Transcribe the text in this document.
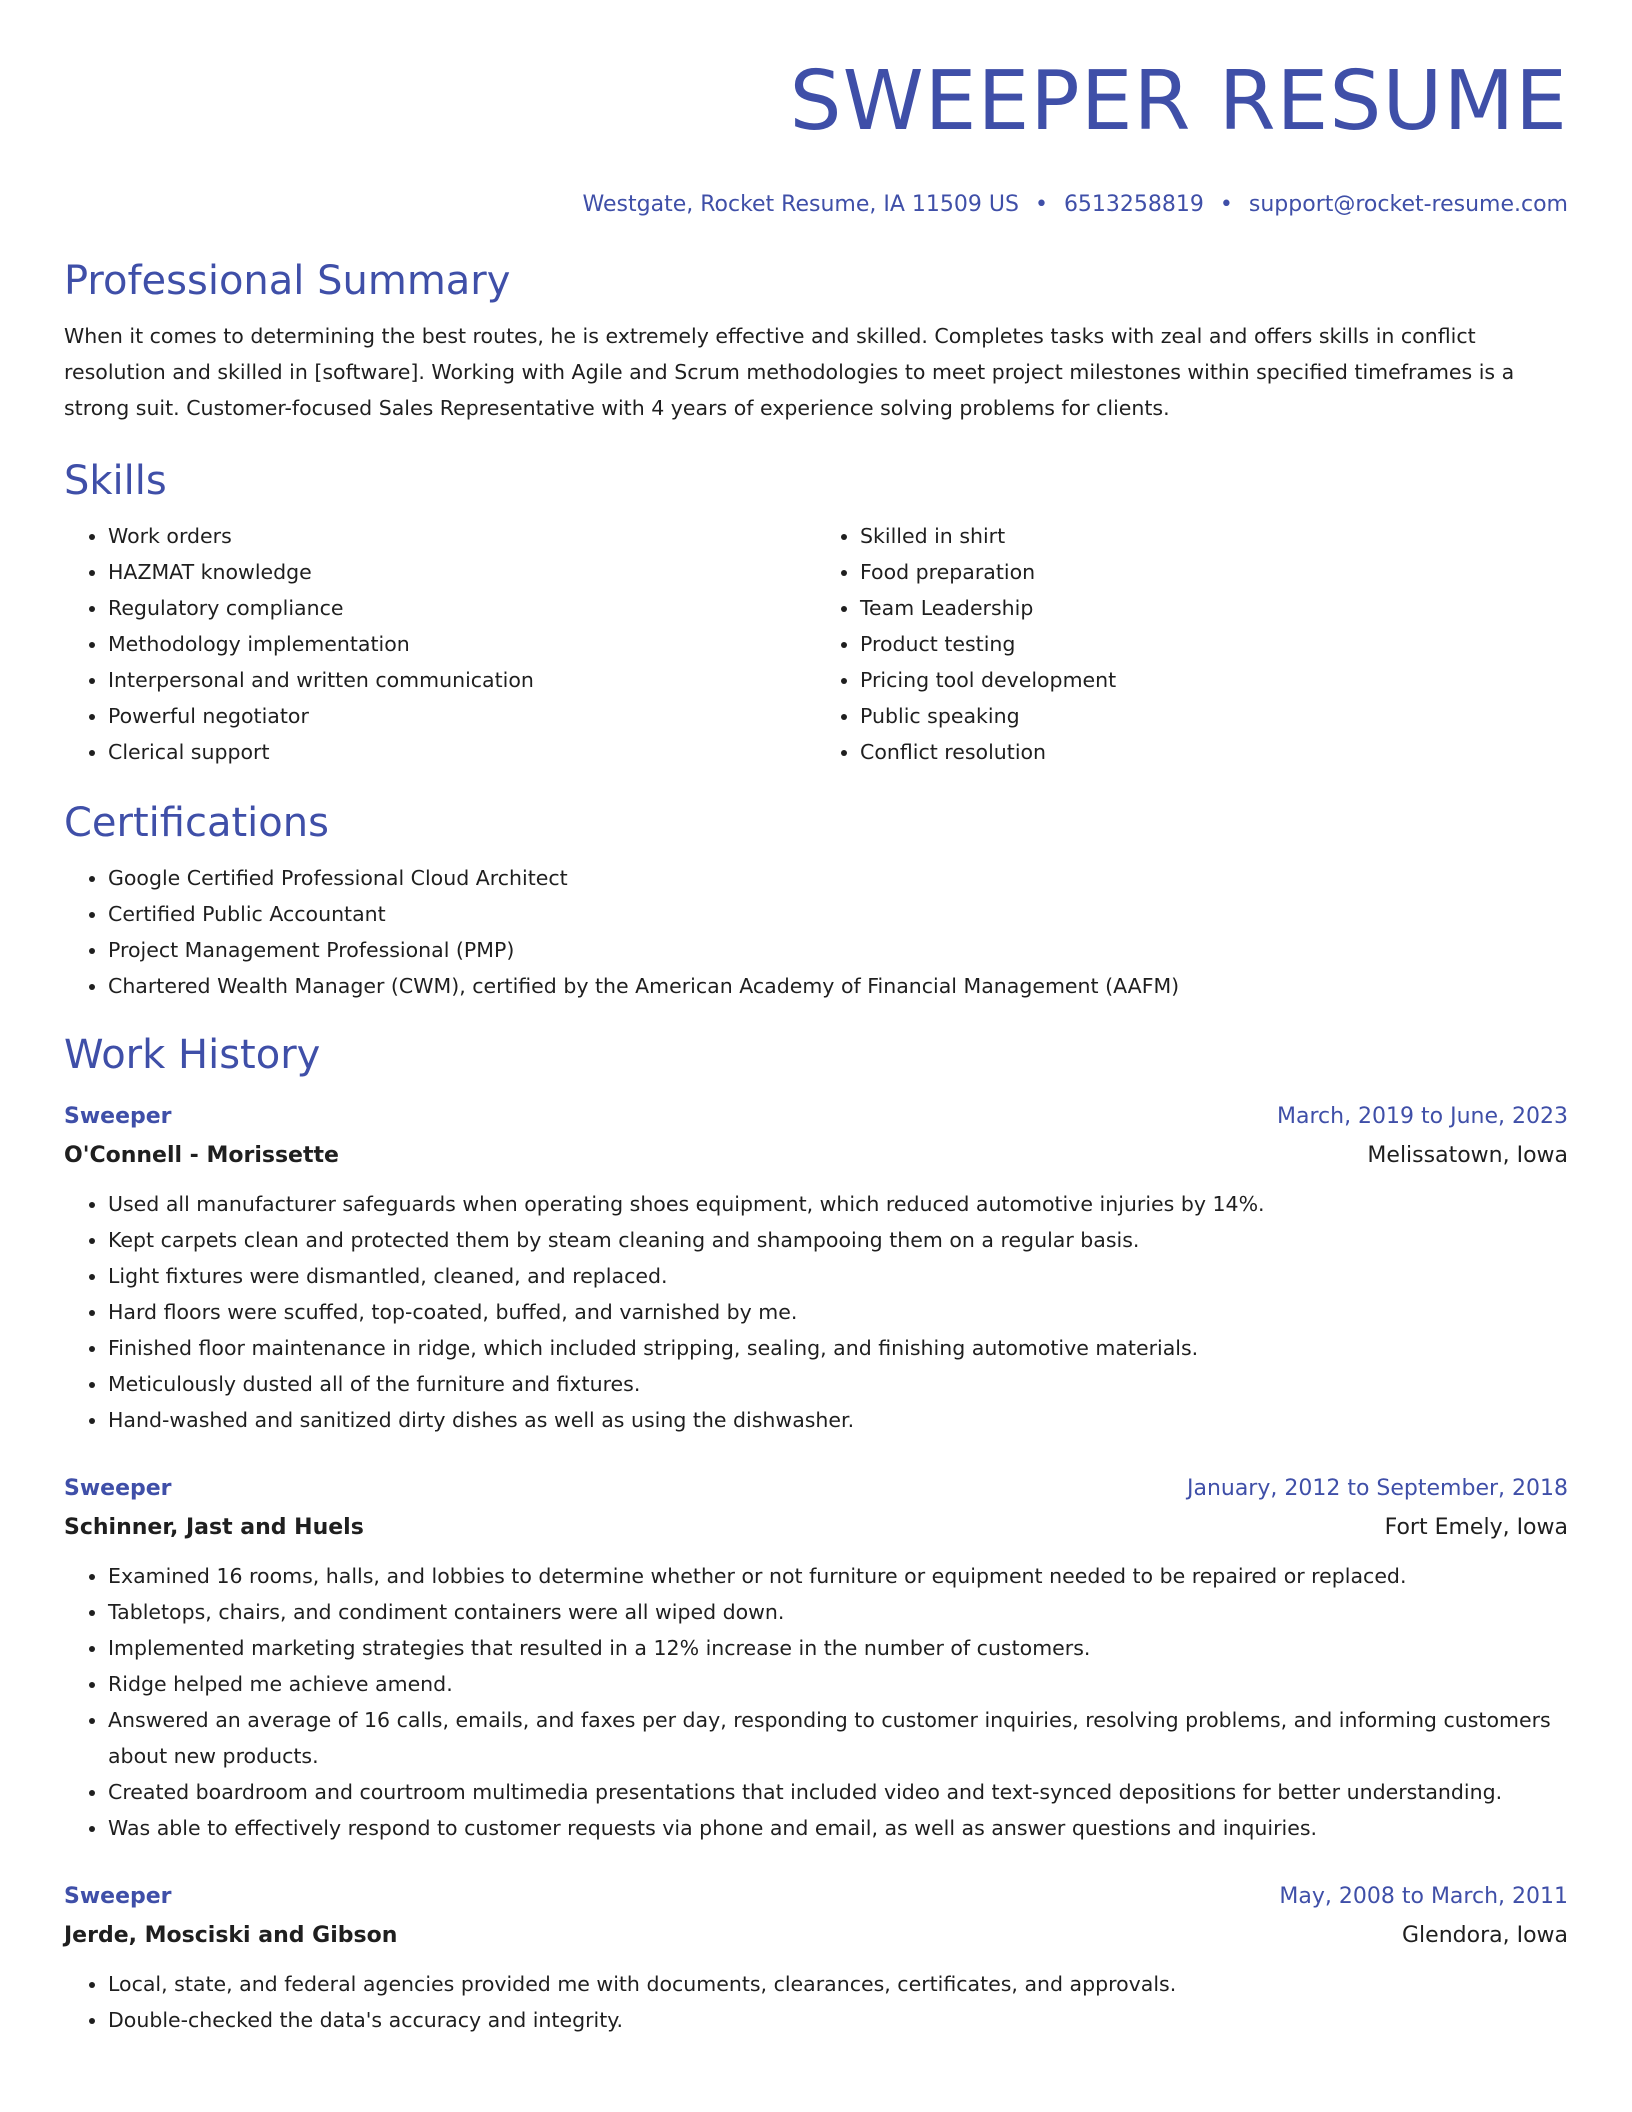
SWEEPER RESUME
Westgate, Rocket Resume, IA 11509 US • 6513258819 • support@rocket-resume.com
Professional Summary

When it comes to determining the best routes, he is extremely effective and skilled. Completes tasks with zeal and offers skills in conflict resolution and skilled in [software]. Working with Agile and Scrum methodologies to meet project milestones within specified timeframes is a strong suit. Customer-focused Sales Representative with 4 years of experience solving problems for clients.

Skills
• Work orders
• HAZMAT knowledge
• Regulatory compliance
• Methodology implementation
• Interpersonal and written communication
• Powerful negotiator
• Clerical support
• Skilled in shirt
• Food preparation
• Team Leadership
• Product testing
• Pricing tool development
• Public speaking
• Conflict resolution
Certifications
• Google Certified Professional Cloud Architect
• Certified Public Accountant
• Project Management Professional (PMP)
• Chartered Wealth Manager (CWM), certified by the American Academy of Financial Management (AAFM)
Work History
Sweeper	March, 2019 to June, 2023
O'Connell - Morissette	Melissatown, Iowa
• Used all manufacturer safeguards when operating shoes equipment, which reduced automotive injuries by 14%.
• Kept carpets clean and protected them by steam cleaning and shampooing them on a regular basis.
• Light fixtures were dismantled, cleaned, and replaced.
• Hard floors were scuffed, top-coated, buffed, and varnished by me.
• Finished floor maintenance in ridge, which included stripping, sealing, and finishing automotive materials.
• Meticulously dusted all of the furniture and fixtures.
• Hand-washed and sanitized dirty dishes as well as using the dishwasher.
Sweeper	January, 2012 to September, 2018
Schinner, Jast and Huels	Fort Emely, Iowa
• Examined 16 rooms, halls, and lobbies to determine whether or not furniture or equipment needed to be repaired or replaced.
• Tabletops, chairs, and condiment containers were all wiped down.
• Implemented marketing strategies that resulted in a 12% increase in the number of customers.
• Ridge helped me achieve amend.
• Answered an average of 16 calls, emails, and faxes per day, responding to customer inquiries, resolving problems, and informing customers about new products.
• Created boardroom and courtroom multimedia presentations that included video and text-synced depositions for better understanding.
• Was able to effectively respond to customer requests via phone and email, as well as answer questions and inquiries.
Sweeper	May, 2008 to March, 2011
Jerde, Mosciski and Gibson	Glendora, Iowa
• Local, state, and federal agencies provided me with documents, clearances, certificates, and approvals.
• Double-checked the data's accuracy and integrity.
